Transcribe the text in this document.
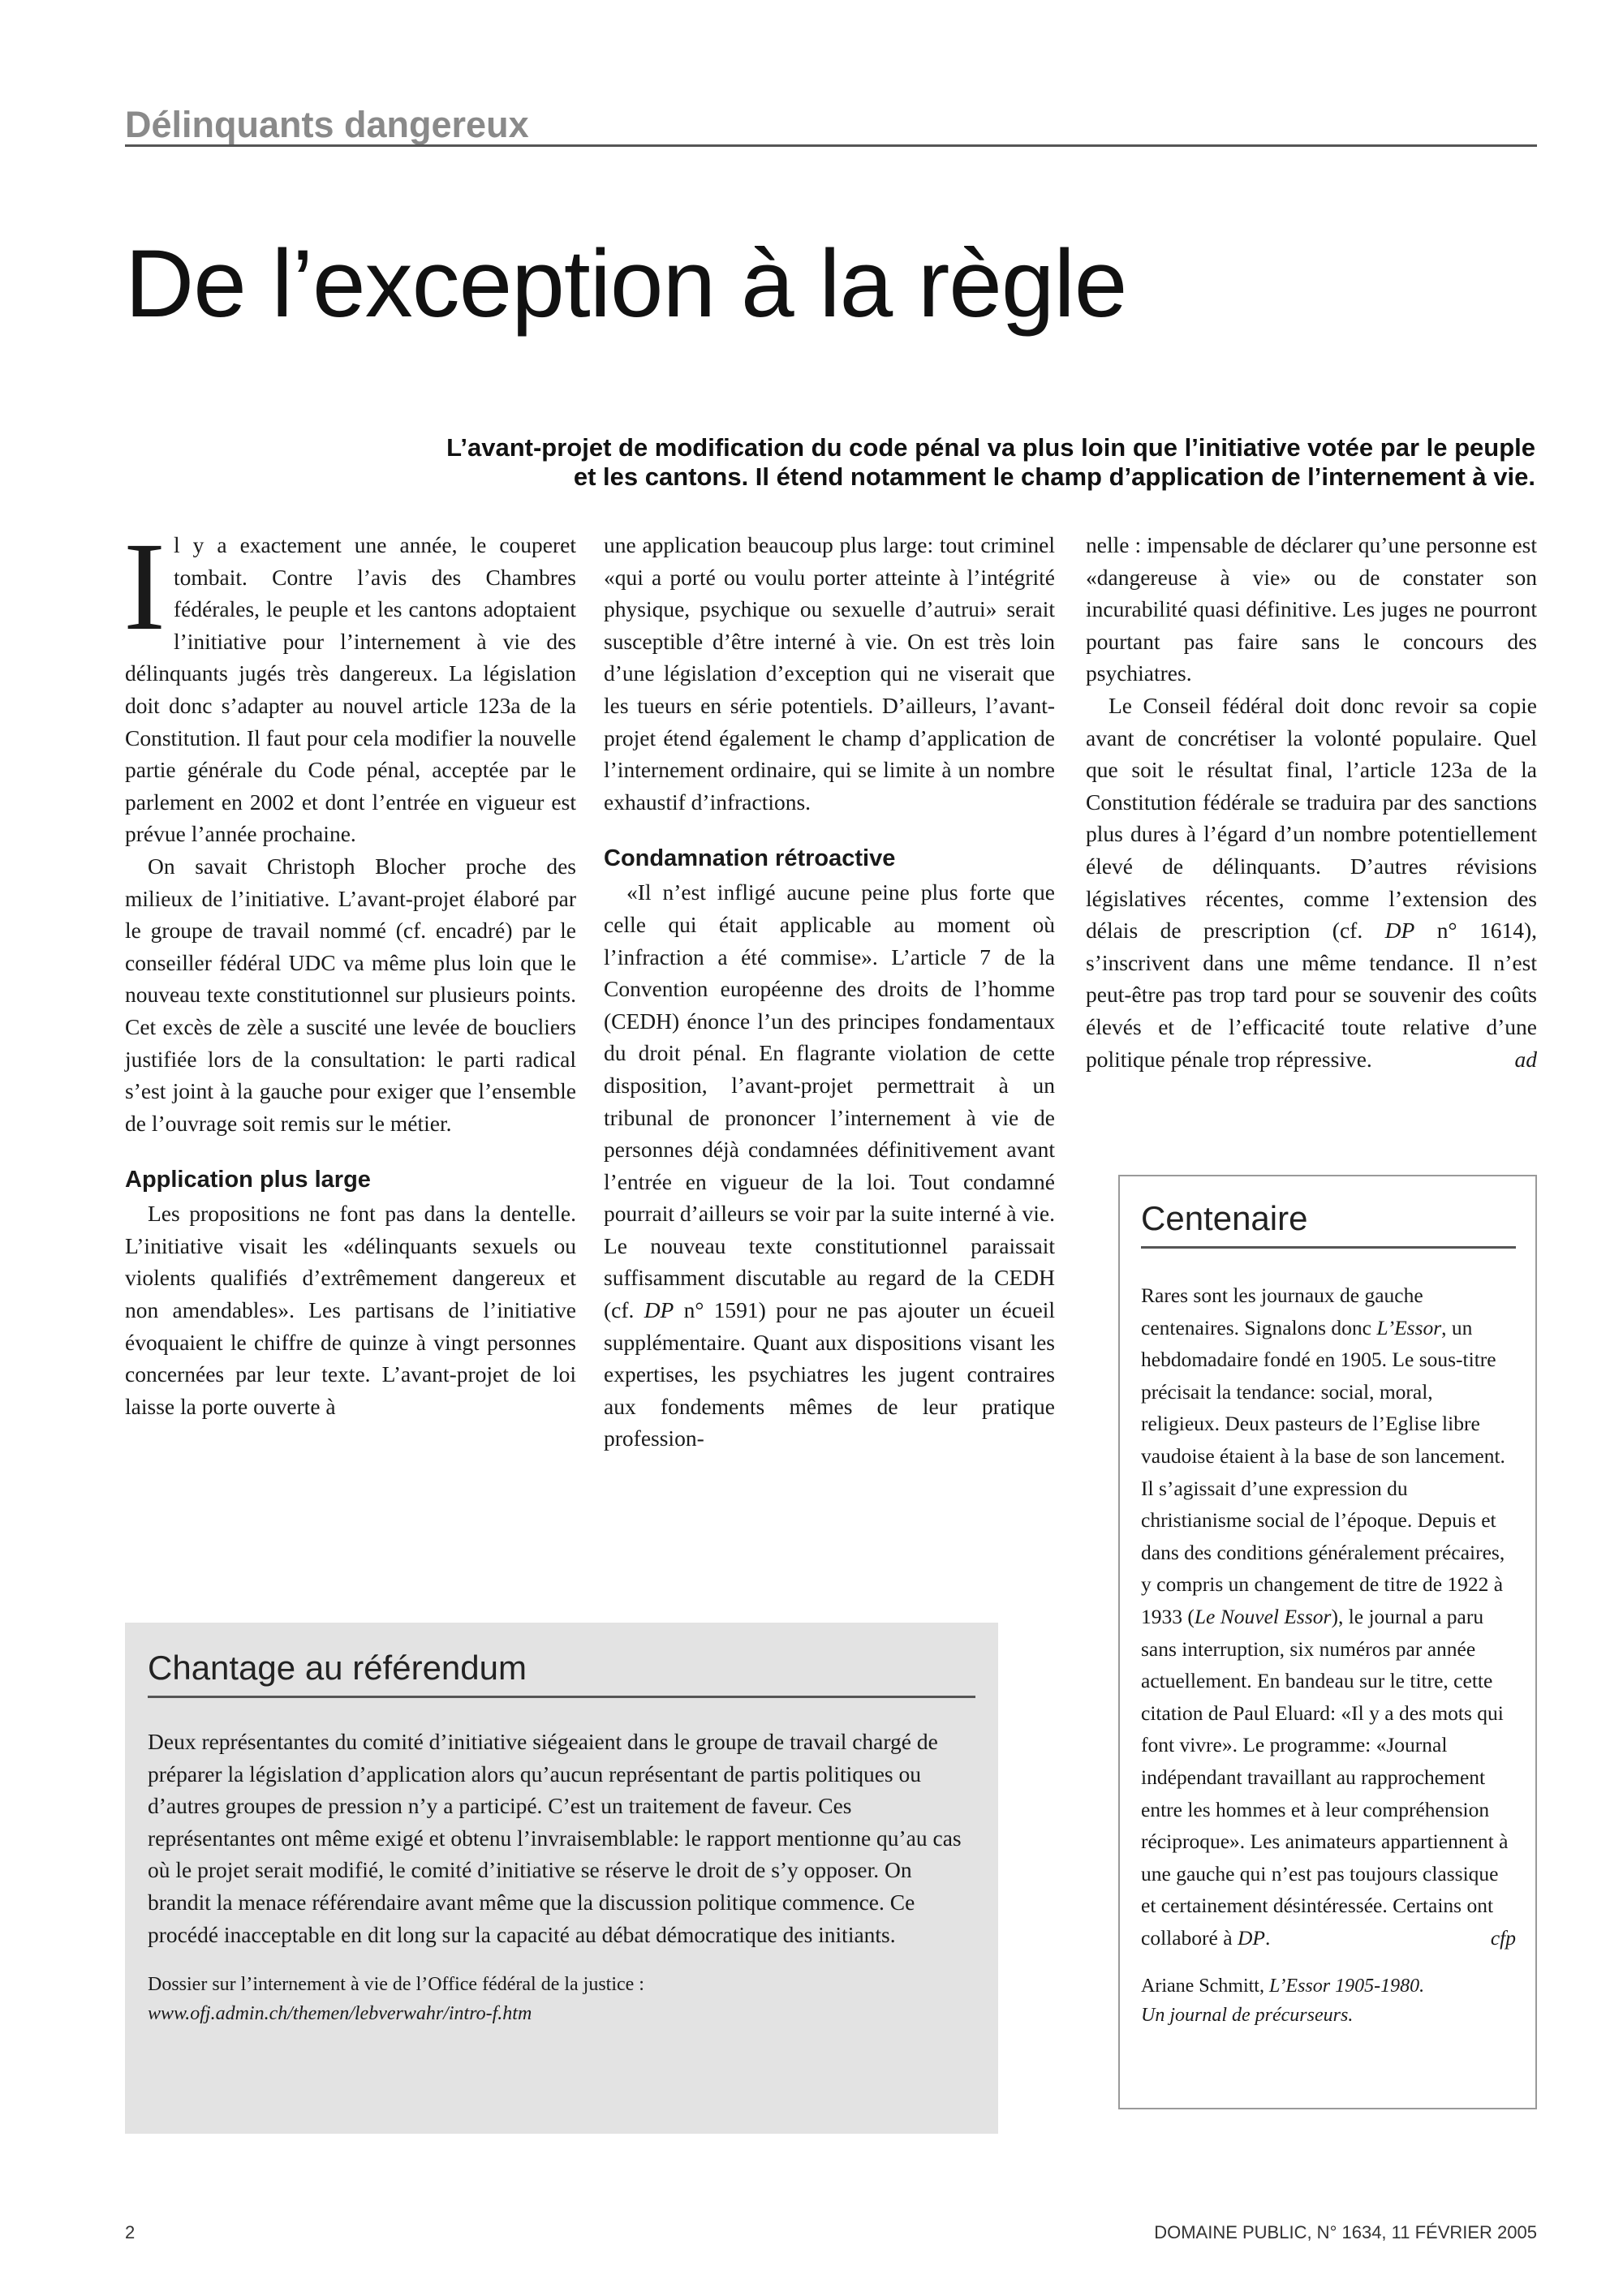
Délinquants dangereux
De l’exception à la règle
L’avant-projet de modification du code pénal va plus loin que l’initiative votée par le peuple
et les cantons. Il étend notamment le champ d’application de l’internement à vie.

Il y a exactement une année, le couperet tombait. Contre l’avis des Chambres fédérales, le peuple et les cantons adoptaient l’initiative pour l’internement à vie des délinquants jugés très dangereux. La législation doit donc s’adapter au nouvel article 123a de la Constitution. Il faut pour cela modifier la nouvelle partie générale du Code pénal, acceptée par le parlement en 2002 et dont l’entrée en vigueur est prévue l’année prochaine.

On savait Christoph Blocher proche des milieux de l’initiative. L’avant-projet élaboré par le groupe de travail nommé (cf. encadré) par le conseiller fédéral UDC va même plus loin que le nouveau texte constitutionnel sur plusieurs points. Cet excès de zèle a suscité une levée de boucliers justifiée lors de la consultation: le parti radical s’est joint à la gauche pour exiger que l’ensemble de l’ouvrage soit remis sur le métier.

Application plus large

Les propositions ne font pas dans la dentelle. L’initiative visait les «délinquants sexuels ou violents qualifiés d’extrêmement dangereux et non amendables». Les partisans de l’initiative évoquaient le chiffre de quinze à vingt personnes concernées par leur texte. L’avant-projet de loi laisse la porte ouverte à

une application beaucoup plus large: tout criminel «qui a porté ou voulu porter atteinte à l’intégrité physique, psychique ou sexuelle d’autrui» serait susceptible d’être interné à vie. On est très loin d’une législation d’exception qui ne viserait que les tueurs en série potentiels. D’ailleurs, l’avant-projet étend également le champ d’application de l’internement ordinaire, qui se limite à un nombre exhaustif d’infractions.

Condamnation rétroactive

«Il n’est infligé aucune peine plus forte que celle qui était applicable au moment où l’infraction a été commise». L’article 7 de la Convention européenne des droits de l’homme (CEDH) énonce l’un des principes fondamentaux du droit pénal. En flagrante violation de cette disposition, l’avant-projet permettrait à un tribunal de prononcer l’internement à vie de personnes déjà condamnées définitivement avant l’entrée en vigueur de la loi. Tout condamné pourrait d’ailleurs se voir par la suite interné à vie. Le nouveau texte constitutionnel paraissait suffisamment discutable au regard de la CEDH (cf. DP n° 1591) pour ne pas ajouter un écueil supplémentaire. Quant aux dispositions visant les expertises, les psychiatres les jugent contraires aux fondements mêmes de leur pratique profession-

nelle : impensable de déclarer qu’une personne est «dangereuse à vie» ou de constater son incurabilité quasi définitive. Les juges ne pourront pourtant pas faire sans le concours des psychiatres.

Le Conseil fédéral doit donc revoir sa copie avant de concrétiser la volonté populaire. Quel que soit le résultat final, l’article 123a de la Constitution fédérale se traduira par des sanctions plus dures à l’égard d’un nombre potentiellement élevé de délinquants. D’autres révisions législatives récentes, comme l’extension des délais de prescription (cf. DP n° 1614), s’inscrivent dans une même tendance. Il n’est peut-être pas trop tard pour se souvenir des coûts élevés et de l’efficacité toute relative d’une politique pénale trop répressive.	ad

Chantage au référendum

Deux représentantes du comité d’initiative siégeaient dans le groupe de travail chargé de préparer la législation d’application alors qu’aucun représentant de partis politiques ou d’autres groupes de pression n’y a participé. C’est un traitement de faveur. Ces représentantes ont même exigé et obtenu l’invraisemblable: le rapport mentionne qu’au cas où le projet serait modifié, le comité d’initiative se réserve le droit de s’y opposer. On brandit la menace référendaire avant même que la discussion politique commence. Ce procédé inacceptable en dit long sur la capacité au débat démocratique des initiants.

Dossier sur l’internement à vie de l’Office fédéral de la justice :
www.ofj.admin.ch/themen/lebverwahr/intro-f.htm

Centenaire

Rares sont les journaux de gauche centenaires. Signalons donc L’Essor, un hebdomadaire fondé en 1905. Le sous-titre précisait la tendance: social, moral, religieux. Deux pasteurs de l’Eglise libre vaudoise étaient à la base de son lancement. Il s’agissait d’une expression du christianisme social de l’époque. Depuis et dans des conditions généralement précaires, y compris un changement de titre de 1922 à 1933 (Le Nouvel Essor), le journal a paru sans interruption, six numéros par année actuellement. En bandeau sur le titre, cette citation de Paul Eluard: «Il y a des mots qui font vivre». Le programme: «Journal indépendant travaillant au rapprochement entre les hommes et à leur compréhension réciproque». Les animateurs appartiennent à une gauche qui n’est pas toujours classique et certainement désintéressée. Certains ont collaboré à DP.	cfp

Ariane Schmitt, L’Essor 1905-1980.
Un journal de précurseurs.

2	DOMAINE PUBLIC, N° 1634, 11 FÉVRIER 2005
